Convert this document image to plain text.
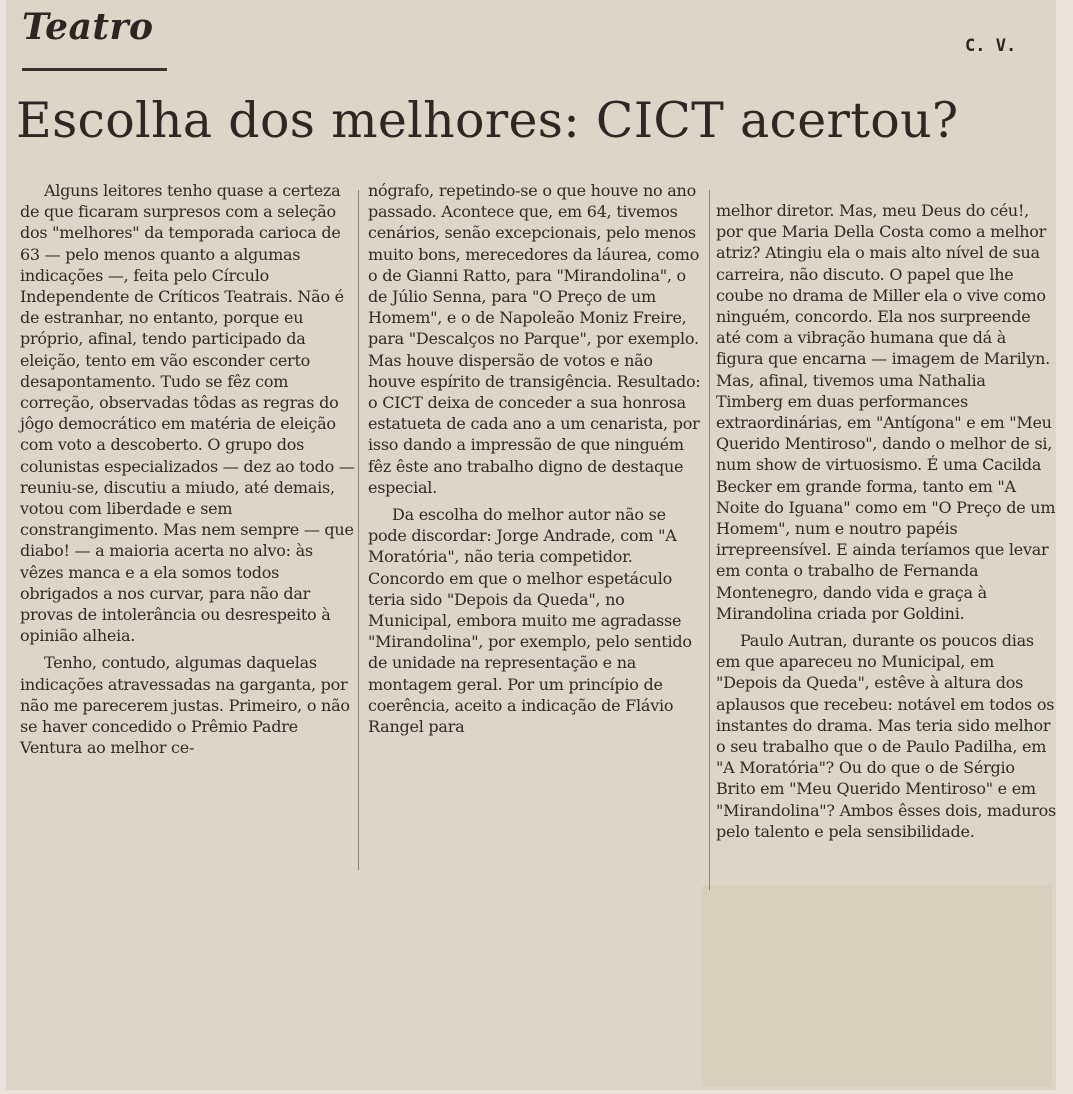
Teatro	C. V.
Escolha dos melhores: CICT acertou?

Alguns leitores tenho quase a certeza de que ficaram surpresos com a seleção dos "melhores" da temporada carioca de 63 — pelo menos quanto a algumas indicações —, feita pelo Círculo Independente de Críticos Teatrais. Não é de estranhar, no entanto, porque eu próprio, afinal, tendo participado da eleição, tento em vão esconder certo desapontamento. Tudo se fêz com correção, observadas tôdas as regras do jôgo democrático em matéria de eleição com voto a descoberto. O grupo dos colunistas especializados — dez ao todo — reuniu-se, discutiu a miudo, até demais, votou com liberdade e sem constrangimento. Mas nem sempre — que diabo! — a maioria acerta no alvo: às vêzes manca e a ela somos todos obrigados a nos curvar, para não dar provas de intolerância ou desrespeito à opinião alheia.

Tenho, contudo, algumas daquelas indicações atravessadas na garganta, por não me parecerem justas. Primeiro, o não se haver concedido o Prêmio Padre Ventura ao melhor ce-

nógrafo, repetindo-se o que houve no ano passado. Acontece que, em 64, tivemos cenários, senão excepcionais, pelo menos muito bons, merecedores da láurea, como o de Gianni Ratto, para "Mirandolina", o de Júlio Senna, para "O Preço de um Homem", e o de Napoleão Moniz Freire, para "Descalços no Parque", por exemplo. Mas houve dispersão de votos e não houve espírito de transigência. Resultado: o CICT deixa de conceder a sua honrosa estatueta de cada ano a um cenarista, por isso dando a impressão de que ninguém fêz êste ano trabalho digno de destaque especial.

Da escolha do melhor autor não se pode discordar: Jorge Andrade, com "A Moratória", não teria competidor. Concordo em que o melhor espetáculo teria sido "Depois da Queda", no Municipal, embora muito me agradasse "Mirandolina", por exemplo, pelo sentido de unidade na representação e na montagem geral. Por um princípio de coerência, aceito a indicação de Flávio Rangel para

melhor diretor. Mas, meu Deus do céu!, por que Maria Della Costa como a melhor atriz? Atingiu ela o mais alto nível de sua carreira, não discuto. O papel que lhe coube no drama de Miller ela o vive como ninguém, concordo. Ela nos surpreende até com a vibração humana que dá à figura que encarna — imagem de Marilyn. Mas, afinal, tivemos uma Nathalia Timberg em duas performances extraordinárias, em "Antígona" e em "Meu Querido Mentiroso", dando o melhor de si, num show de virtuosismo. É uma Cacilda Becker em grande forma, tanto em "A Noite do Iguana" como em "O Preço de um Homem", num e noutro papéis irrepreensível. E ainda teríamos que levar em conta o trabalho de Fernanda Montenegro, dando vida e graça à Mirandolina criada por Goldini.

Paulo Autran, durante os poucos dias em que apareceu no Municipal, em "Depois da Queda", estêve à altura dos aplausos que recebeu: notável em todos os instantes do drama. Mas teria sido melhor o seu trabalho que o de Paulo Padilha, em "A Moratória"? Ou do que o de Sérgio Brito em "Meu Querido Mentiroso" e em "Mirandolina"? Ambos êsses dois, maduros pelo talento e pela sensibilidade.
